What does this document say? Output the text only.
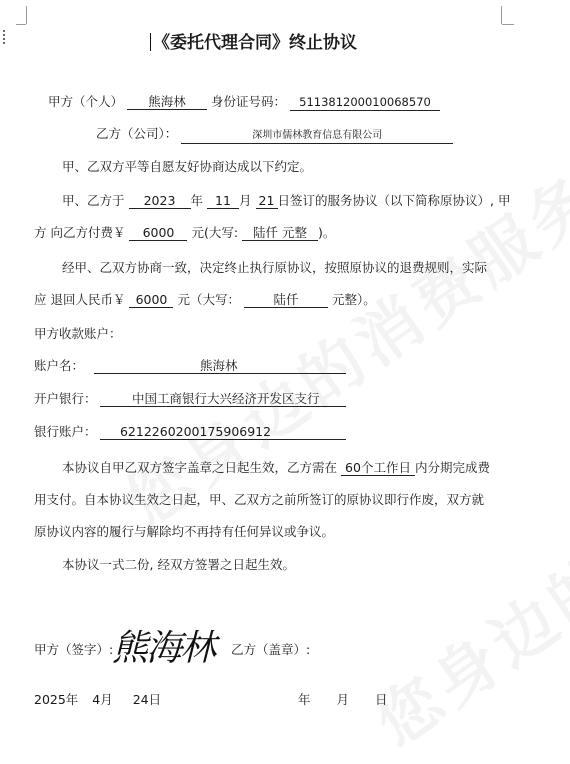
《委托代理合同》终止协议
甲方（个人） 熊海林 身份证号码： 511381200010068570
乙方（公司）：	深圳市儒林教育信息有限公司
甲、乙双方平等自愿友好协商达成以下约定。
甲、乙方于 2023 年 11 月 21 日签订的服务协议（以下简称原协议）, 甲
方 向乙方付费￥ 6000 元(大写: 陆仟 元整 )。
经甲、乙双方协商一致，决定终止执行原协议，按照原协议的退费规则，实际
应 退回人民币￥ 6000 元（大写：	陆仟	元整）。
甲方收款账户：
账户名：	熊海林
开户银行：	中国工商银行大兴经济开发区支行
银行账户： 6212260200175906912
本协议自甲乙双方签字盖章之日起生效，乙方需在 60个工作日 内分期完成费
用支付。自本协议生效之日起，甲、乙双方之前所签订的原协议即行作废，双方就
原协议内容的履行与解除均不再持有任何异议或争议。
本协议一式二份, 经双方签署之日起生效。
甲方（签字）:
熊海林 乙方（盖章）:
2025年 4月 24日	年 月 日
